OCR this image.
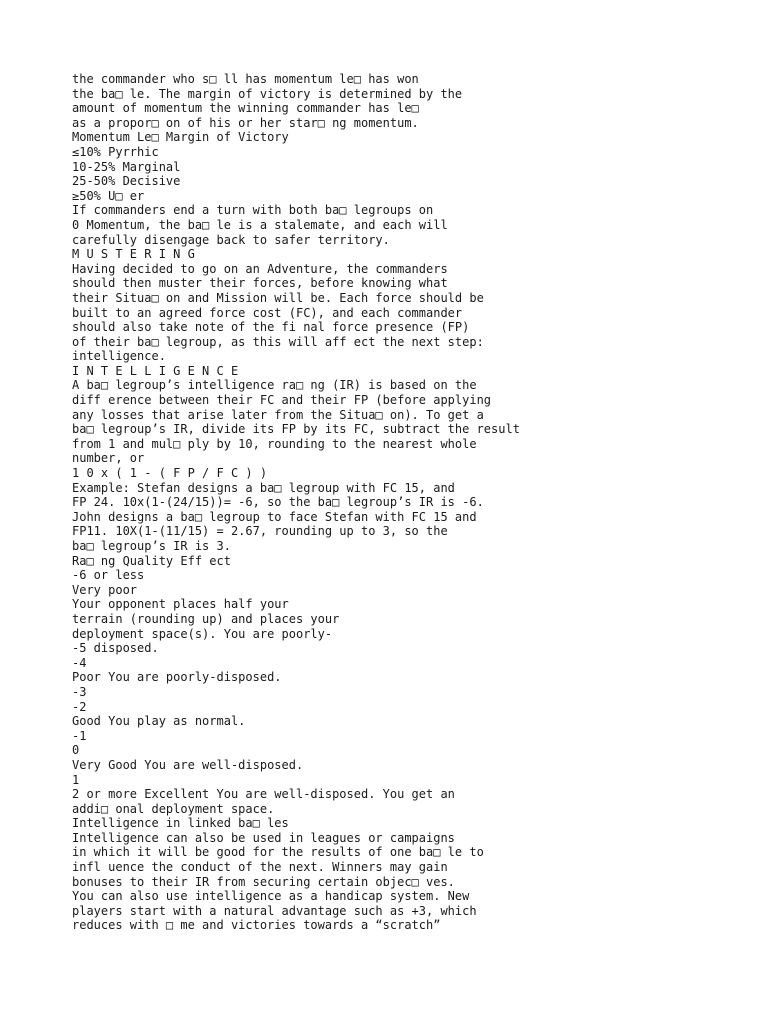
the commander who s□ ll has momentum le□ has won

the ba□ le. The margin of victory is determined by the

amount of momentum the winning commander has le□

as a propor□ on of his or her star□ ng momentum.

Momentum Le□ Margin of Victory

≤10% Pyrrhic

10-25% Marginal

25-50% Decisive

≥50% U□ er

If commanders end a turn with both ba□ legroups on

0 Momentum, the ba□ le is a stalemate, and each will

carefully disengage back to safer territory.

M U S T E R I N G

Having decided to go on an Adventure, the commanders

should then muster their forces, before knowing what

their Situa□ on and Mission will be. Each force should be

built to an agreed force cost (FC), and each commander

should also take note of the fi nal force presence (FP)

of their ba□ legroup, as this will aff ect the next step:

intelligence.

I N T E L L I G E N C E

A ba□ legroup’s intelligence ra□ ng (IR) is based on the

diff erence between their FC and their FP (before applying

any losses that arise later from the Situa□ on). To get a

ba□ legroup’s IR, divide its FP by its FC, subtract the result

from 1 and mul□ ply by 10, rounding to the nearest whole

number, or

1 0 x ( 1 - ( F P / F C ) )

Example: Stefan designs a ba□ legroup with FC 15, and

FP 24. 10x(1-(24/15))= -6, so the ba□ legroup’s IR is -6.

John designs a ba□ legroup to face Stefan with FC 15 and

FP11. 10X(1-(11/15) = 2.67, rounding up to 3, so the

ba□ legroup’s IR is 3.

Ra□ ng Quality Eff ect

-6 or less

Very poor

Your opponent places half your

terrain (rounding up) and places your

deployment space(s). You are poorly-

-5 disposed.

-4

Poor You are poorly-disposed.

-3

-2

Good You play as normal.

-1

0

Very Good You are well-disposed.

1

2 or more Excellent You are well-disposed. You get an

addi□ onal deployment space.

Intelligence in linked ba□ les

Intelligence can also be used in leagues or campaigns

in which it will be good for the results of one ba□ le to

infl uence the conduct of the next. Winners may gain

bonuses to their IR from securing certain objec□ ves.

You can also use intelligence as a handicap system. New

players start with a natural advantage such as +3, which

reduces with □ me and victories towards a “scratch”
